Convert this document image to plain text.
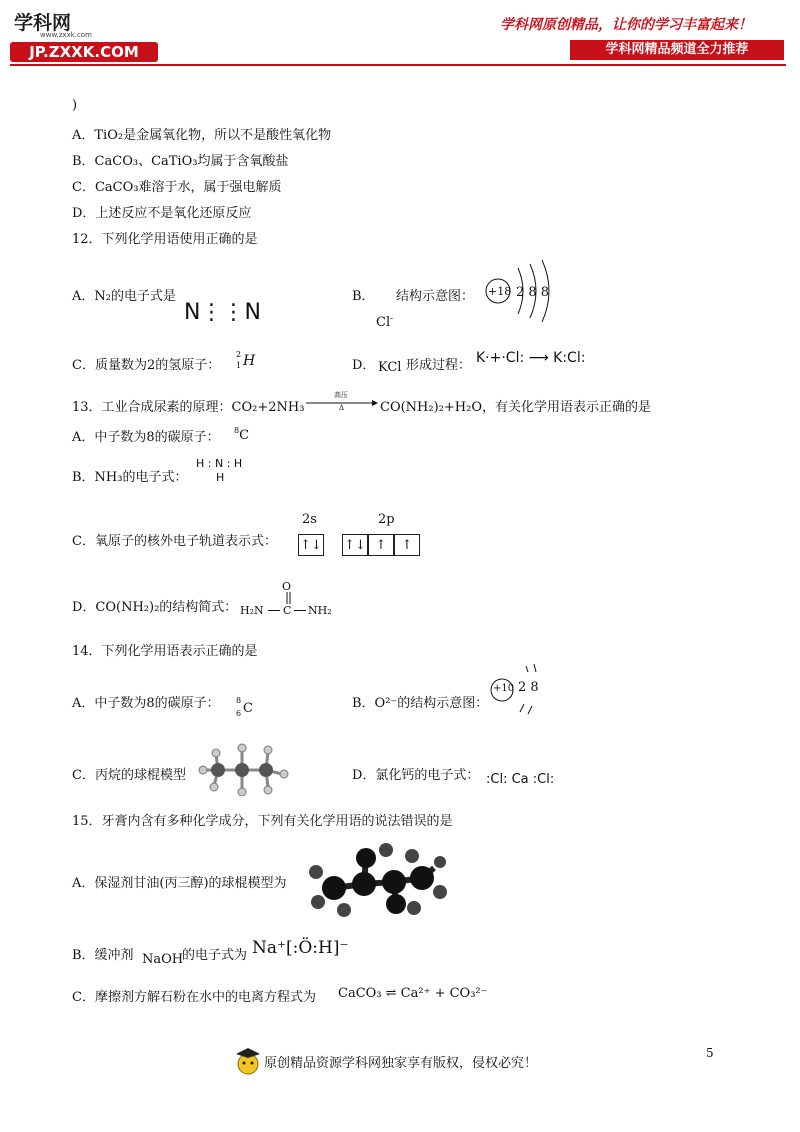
学科网
www.zxxk.com
JP.ZXXK.COM
学科网原创精品，让你的学习丰富起来！
学科网精品频道全力推荐
)
A．TiO₂是金属氧化物，所以不是酸性氧化物
B．CaCO₃、CaTiO₃均属于含氧酸盐
C．CaCO₃难溶于水，属于强电解质
D．上述反应不是氧化还原反应
12．下列化学用语使用正确的是
A．N₂的电子式是
N⋮⋮N
B． 结构示意图： +18 2 8 8
Cl-
C．质量数为2的氢原子：
2
1 H	D． KCl 形成过程： K·+·Cl: ⟶ K:Cl:
13．工业合成尿素的原理：CO₂+2NH₃
高压
Δ	CO(NH₂)₂+H₂O，有关化学用语表示正确的是
A．中子数为8的碳原子： $^8$C
B．NH₃的电子式：
H : N : H
H
C．氧原子的核外电子轨道表示式：
2s	2p
↑↓ ↑↓ ↑	↑
D．CO(NH₂)₂的结构简式：
O
H₂N C NH₂
14．下列化学用语表示正确的是
A．中子数为8的碳原子： 8
6 C	B．O²⁻的结构示意图：
+10 2 8
C．丙烷的球棍模型	D．氯化钙的电子式： :Cl: Ca :Cl:
15．牙膏内含有多种化学成分，下列有关化学用语的说法错误的是
A．保湿剂甘油(丙三醇)的球棍模型为
B．缓冲剂 NaOH
的电子式为 Na⁺[:Ö:H]⁻
C．摩擦剂方解石粉在水中的电离方程式为 CaCO₃ ⇌ Ca²⁺ + CO₃²⁻
原创精品资源学科网独家享有版权，侵权必究！
5
